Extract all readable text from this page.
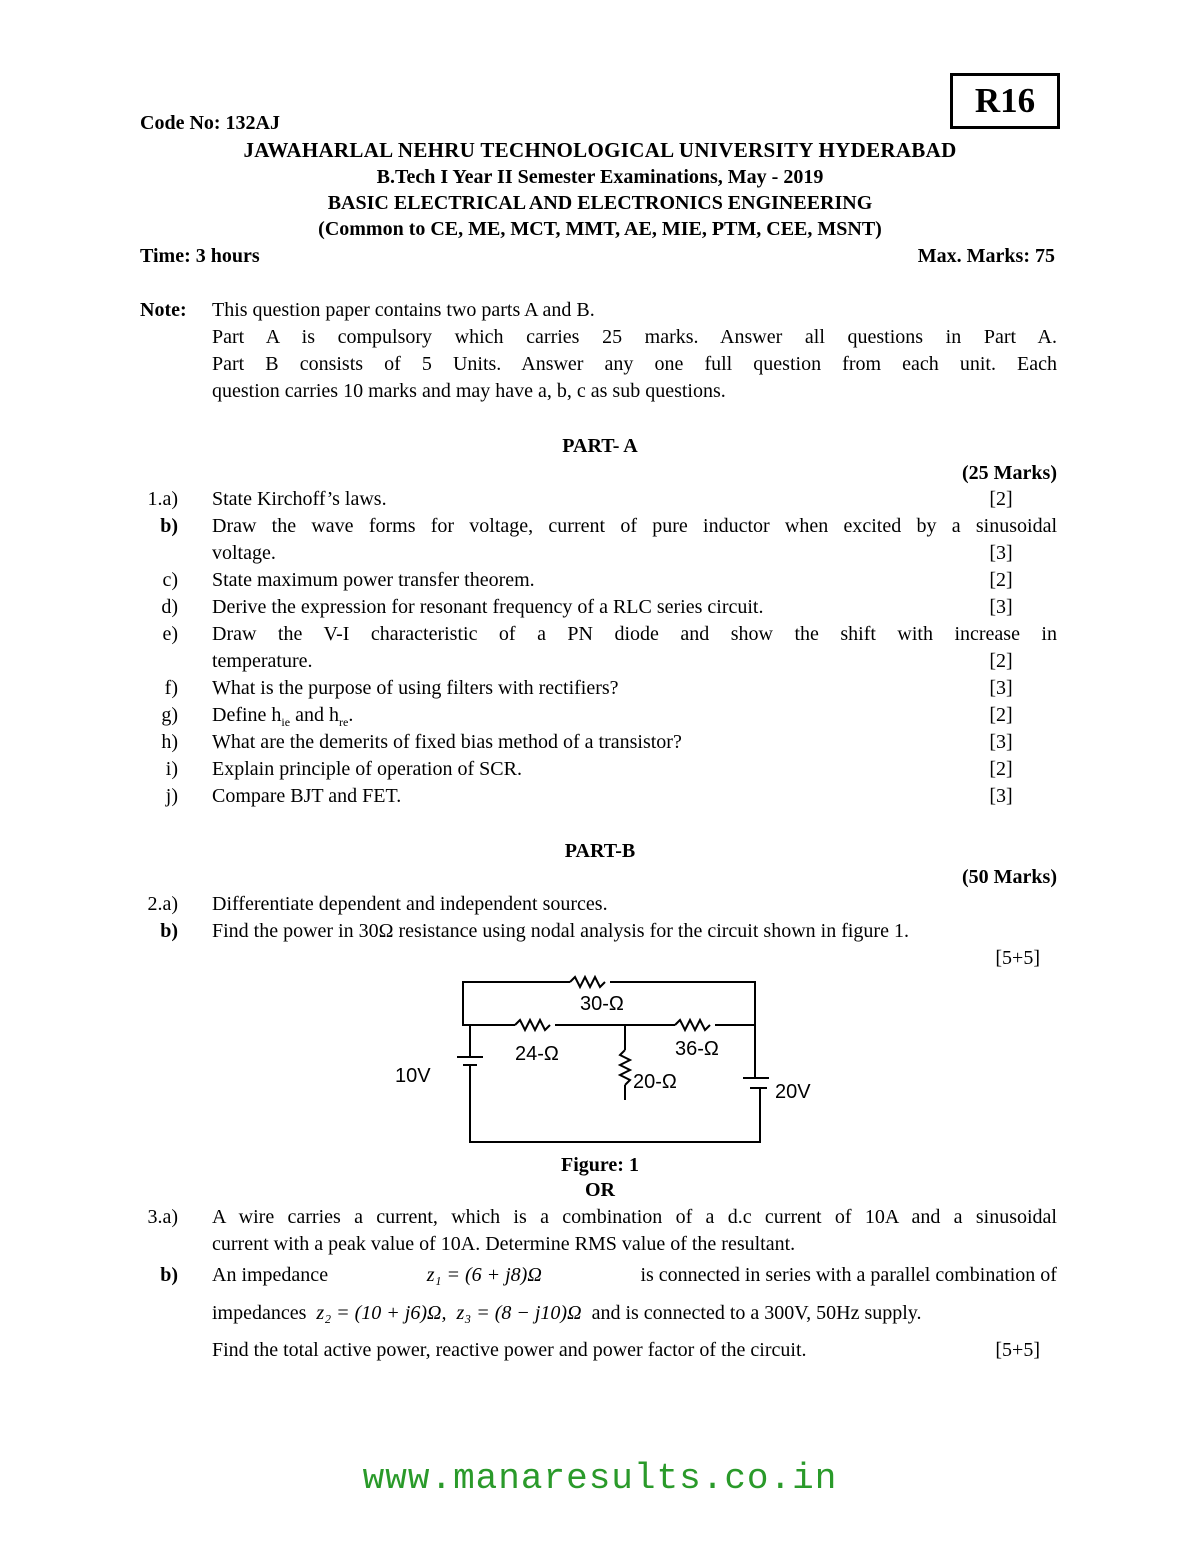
R16
Code No: 132AJ
JAWAHARLAL NEHRU TECHNOLOGICAL UNIVERSITY HYDERABAD
B.Tech I Year II Semester Examinations, May - 2019
BASIC ELECTRICAL AND ELECTRONICS ENGINEERING
(Common to CE, ME, MCT, MMT, AE, MIE, PTM, CEE, MSNT)
Time: 3 hours	Max. Marks: 75
Note: This question paper contains two parts A and B.
Part A is compulsory which carries 25 marks. Answer all questions in Part A.
Part B consists of 5 Units. Answer any one full question from each unit. Each
question carries 10 marks and may have a, b, c as sub questions.
PART- A
(25 Marks)
1.a) State Kirchoff’s laws.	[2]
b) Draw the wave forms for voltage, current of pure inductor when excited by a sinusoidal
voltage.	[3]
c) State maximum power transfer theorem.	[2]
d) Derive the expression for resonant frequency of a RLC series circuit.	[3]
e) Draw the V-I characteristic of a PN diode and show the shift with increase in
temperature.	[2]
f) What is the purpose of using filters with rectifiers?	[3]
g) Define $h_{ie}$ and $h_{re}$.	[2]
h) What are the demerits of fixed bias method of a transistor?	[3]
i) Explain principle of operation of SCR.	[2]
j) Compare BJT and FET.	[3]
PART-B
(50 Marks)
2.a) Differentiate dependent and independent sources.
b) Find the power in 30Ω resistance using nodal analysis for the circuit shown in figure 1.
[5+5]
30-Ω
24-Ω	36-Ω
20-Ω
10V
20V
Figure: 1
OR
3.a) A wire carries a current, which is a combination of a d.c current of 10A and a sinusoidal
current with a peak value of 10A. Determine RMS value of the resultant.
b) An impedance	z₁ = (6 + j8)Ω	is connected in series with a parallel combination of
impedances z₂ = (10 + j6)Ω, z₃ = (8 − j10)Ω and is connected to a 300V, 50Hz supply.
Find the total active power, reactive power and power factor of the circuit.	[5+5]
www.manaresults.co.in
